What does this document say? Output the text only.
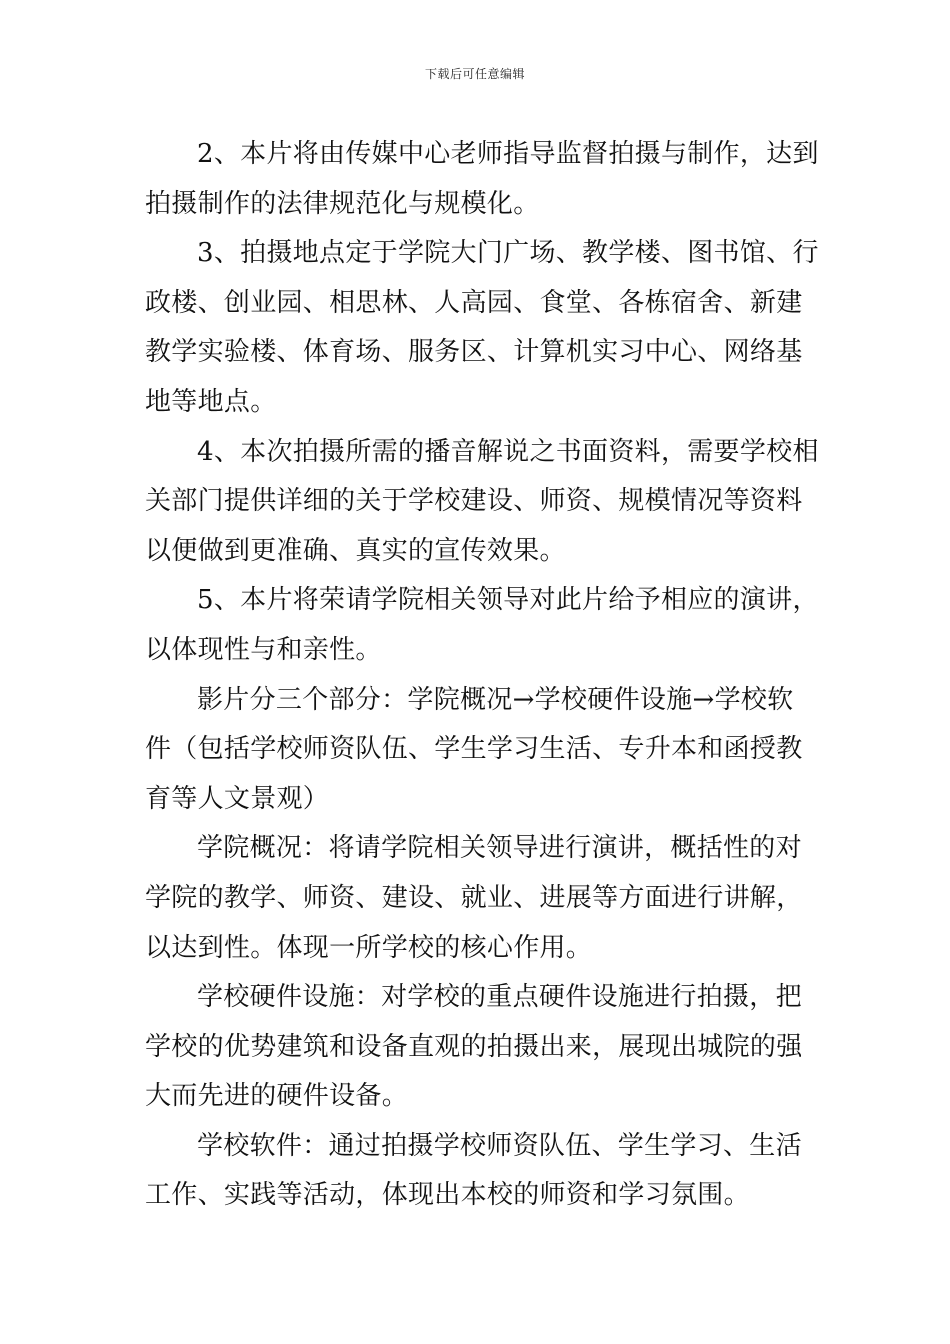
下载后可任意编辑
2、本片将由传媒中心老师指导监督拍摄与制作，达到
拍摄制作的法律规范化与规模化。
3、拍摄地点定于学院大门广场、教学楼、图书馆、行
政楼、创业园、相思林、人高园、食堂、各栋宿舍、新建
教学实验楼、体育场、服务区、计算机实习中心、网络基
地等地点。
4、本次拍摄所需的播音解说之书面资料，需要学校相
关部门提供详细的关于学校建设、师资、规模情况等资料
以便做到更准确、真实的宣传效果。
5、本片将荣请学院相关领导对此片给予相应的演讲，
以体现性与和亲性。
影片分三个部分：学院概况→学校硬件设施→学校软
件（包括学校师资队伍、学生学习生活、专升本和函授教
育等人文景观）
学院概况：将请学院相关领导进行演讲，概括性的对
学院的教学、师资、建设、就业、进展等方面进行讲解，
以达到性。体现一所学校的核心作用。
学校硬件设施：对学校的重点硬件设施进行拍摄，把
学校的优势建筑和设备直观的拍摄出来，展现出城院的强
大而先进的硬件设备。
学校软件：通过拍摄学校师资队伍、学生学习、生活
工作、实践等活动，体现出本校的师资和学习氛围。
